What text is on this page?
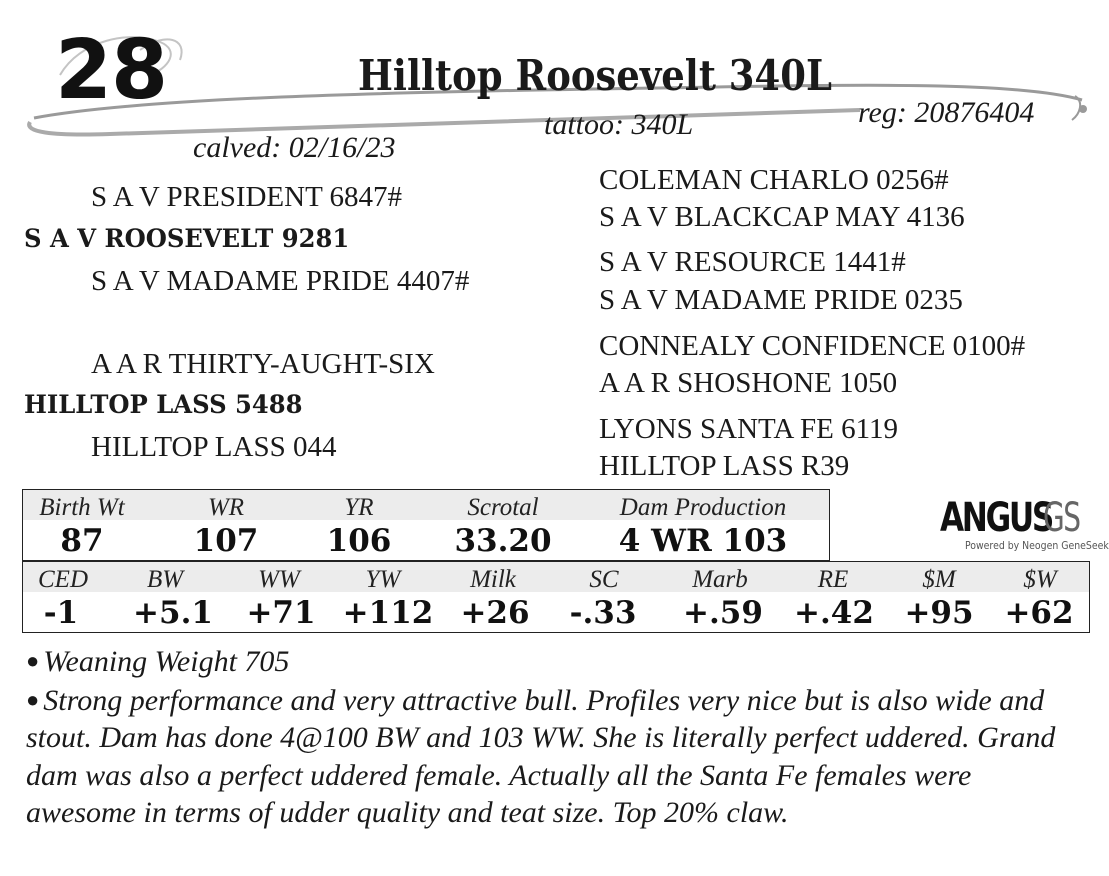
28	Hilltop Roosevelt 340L
reg: 20876404
tattoo: 340L
calved: 02/16/23
S A V PRESIDENT 6847#
S A V ROOSEVELT 9281
S A V MADAME PRIDE 4407#
A A R THIRTY-AUGHT-SIX
HILLTOP LASS 5488
HILLTOP LASS 044
COLEMAN CHARLO 0256#
S A V BLACKCAP MAY 4136
S A V RESOURCE 1441#
S A V MADAME PRIDE 0235
CONNEALY CONFIDENCE 0100#
A A R SHOSHONE 1050
LYONS SANTA FE 6119
HILLTOP LASS R39
Birth Wt	WR	YR	Scrotal	Dam Production
87	107	106	33.20	4 WR 103
CED	BW	WW	YW	Milk	SC	Marb	RE	$M	$W
-1	+5.1	+71 +112 +26	-.33	+.59	+.42 +95 +62
ANGUS
GS
Powered by Neogen GeneSeek

● Weaning Weight 705

● Strong performance and very attractive bull. Profiles very nice but is also wide and stout. Dam has done 4@100 BW and 103 WW. She is literally perfect uddered. Grand dam was also a perfect uddered female. Actually all the Santa Fe females were awesome in terms of udder quality and teat size. Top 20% claw.
